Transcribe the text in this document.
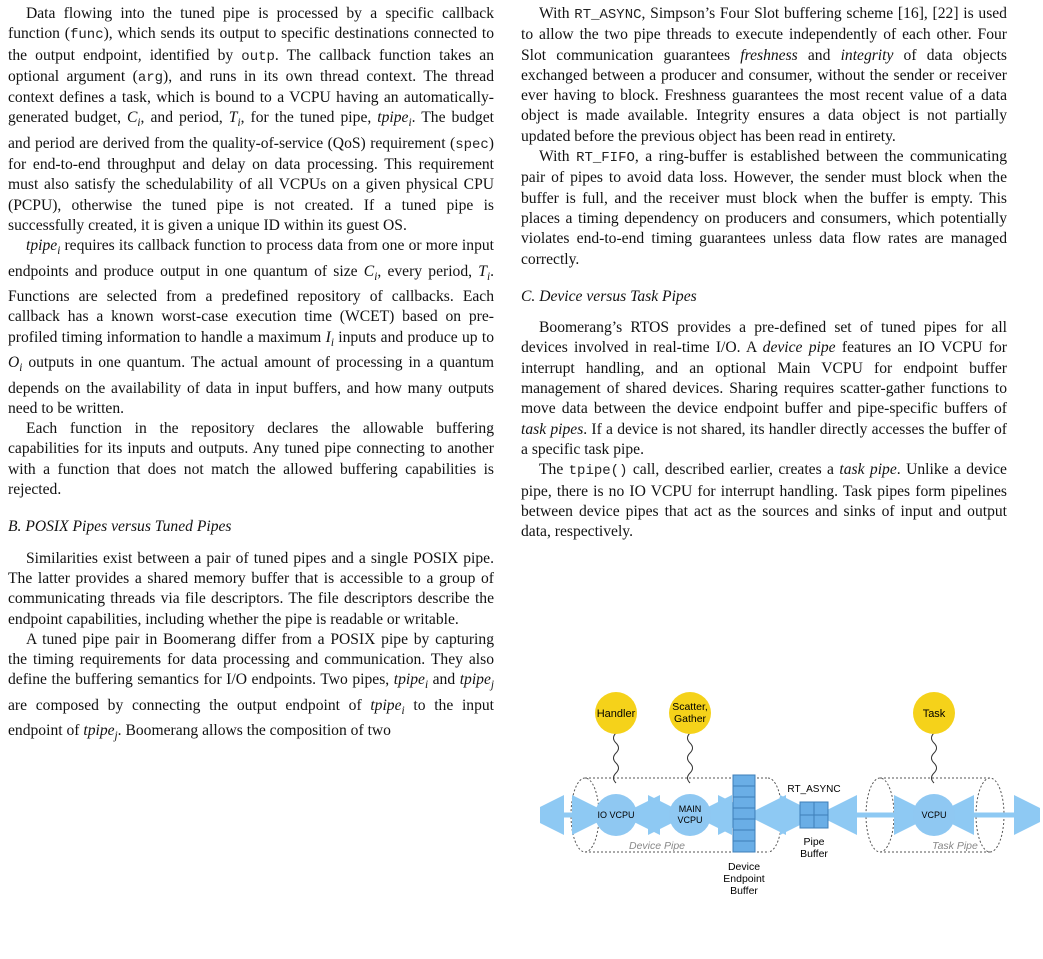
Data flowing into the tuned pipe is processed by a specific callback function (func), which sends its output to specific destinations connected to the output endpoint, identified by outp. The callback function takes an optional argument (arg), and runs in its own thread context. The thread context defines a task, which is bound to a VCPU having an automatically-generated budget, $C_i$, and period, $T_i$, for the tuned pipe, tpipe$_i$. The budget and period are derived from the quality-of-service (QoS) requirement (spec) for end-to-end throughput and delay on data processing. This requirement must also satisfy the schedulability of all VCPUs on a given physical CPU (PCPU), otherwise the tuned pipe is not created. If a tuned pipe is successfully created, it is given a unique ID within its guest OS.

tpipe$_i$ requires its callback function to process data from one or more input endpoints and produce output in one quantum of size $C_i$, every period, $T_i$. Functions are selected from a predefined repository of callbacks. Each callback has a known worst-case execution time (WCET) based on pre-profiled timing information to handle a maximum $I_i$ inputs and produce up to $O_i$ outputs in one quantum. The actual amount of processing in a quantum depends on the availability of data in input buffers, and how many outputs need to be written.

Each function in the repository declares the allowable buffering capabilities for its inputs and outputs. Any tuned pipe connecting to another with a function that does not match the allowed buffering capabilities is rejected.

B. POSIX Pipes versus Tuned Pipes

Similarities exist between a pair of tuned pipes and a single POSIX pipe. The latter provides a shared memory buffer that is accessible to a group of communicating threads via file descriptors. The file descriptors describe the endpoint capabilities, including whether the pipe is readable or writable.

A tuned pipe pair in Boomerang differ from a POSIX pipe by capturing the timing requirements for data processing and communication. They also define the buffering semantics for I/O endpoints. Two pipes, tpipe$_i$ and tpipe$_j$ are composed by connecting the output endpoint of tpipe$_i$ to the input endpoint of tpipe$_j$. Boomerang allows the composition of two

With RT_ASYNC, Simpson’s Four Slot buffering scheme [16], [22] is used to allow the two pipe threads to execute independently of each other. Four Slot communication guarantees freshness and integrity of data objects exchanged between a producer and consumer, without the sender or receiver ever having to block. Freshness guarantees the most recent value of a data object is made available. Integrity ensures a data object is not partially updated before the previous object has been read in entirety.

With RT_FIFO, a ring-buffer is established between the communicating pair of pipes to avoid data loss. However, the sender must block when the buffer is full, and the receiver must block when the buffer is empty. This places a timing dependency on producers and consumers, which potentially violates end-to-end timing guarantees unless data flow rates are managed correctly.

C. Device versus Task Pipes

Boomerang’s RTOS provides a pre-defined set of tuned pipes for all devices involved in real-time I/O. A device pipe features an IO VCPU for interrupt handling, and an optional Main VCPU for endpoint buffer management of shared devices. Sharing requires scatter-gather functions to move data between the device endpoint buffer and pipe-specific buffers of task pipes. If a device is not shared, its handler directly accesses the buffer of a specific task pipe.

The tpipe() call, described earlier, creates a task pipe. Unlike a device pipe, there is no IO VCPU for interrupt handling. Task pipes form pipelines between device pipes that act as the sources and sinks of input and output data, respectively.

Handler
Scatter,
Gather	Task
IO VCPU
MAIN
VCPU	VCPU
Device
Endpoint
Buffer
RT_ASYNC
Pipe
Buffer
Device Pipe	Task Pipe
